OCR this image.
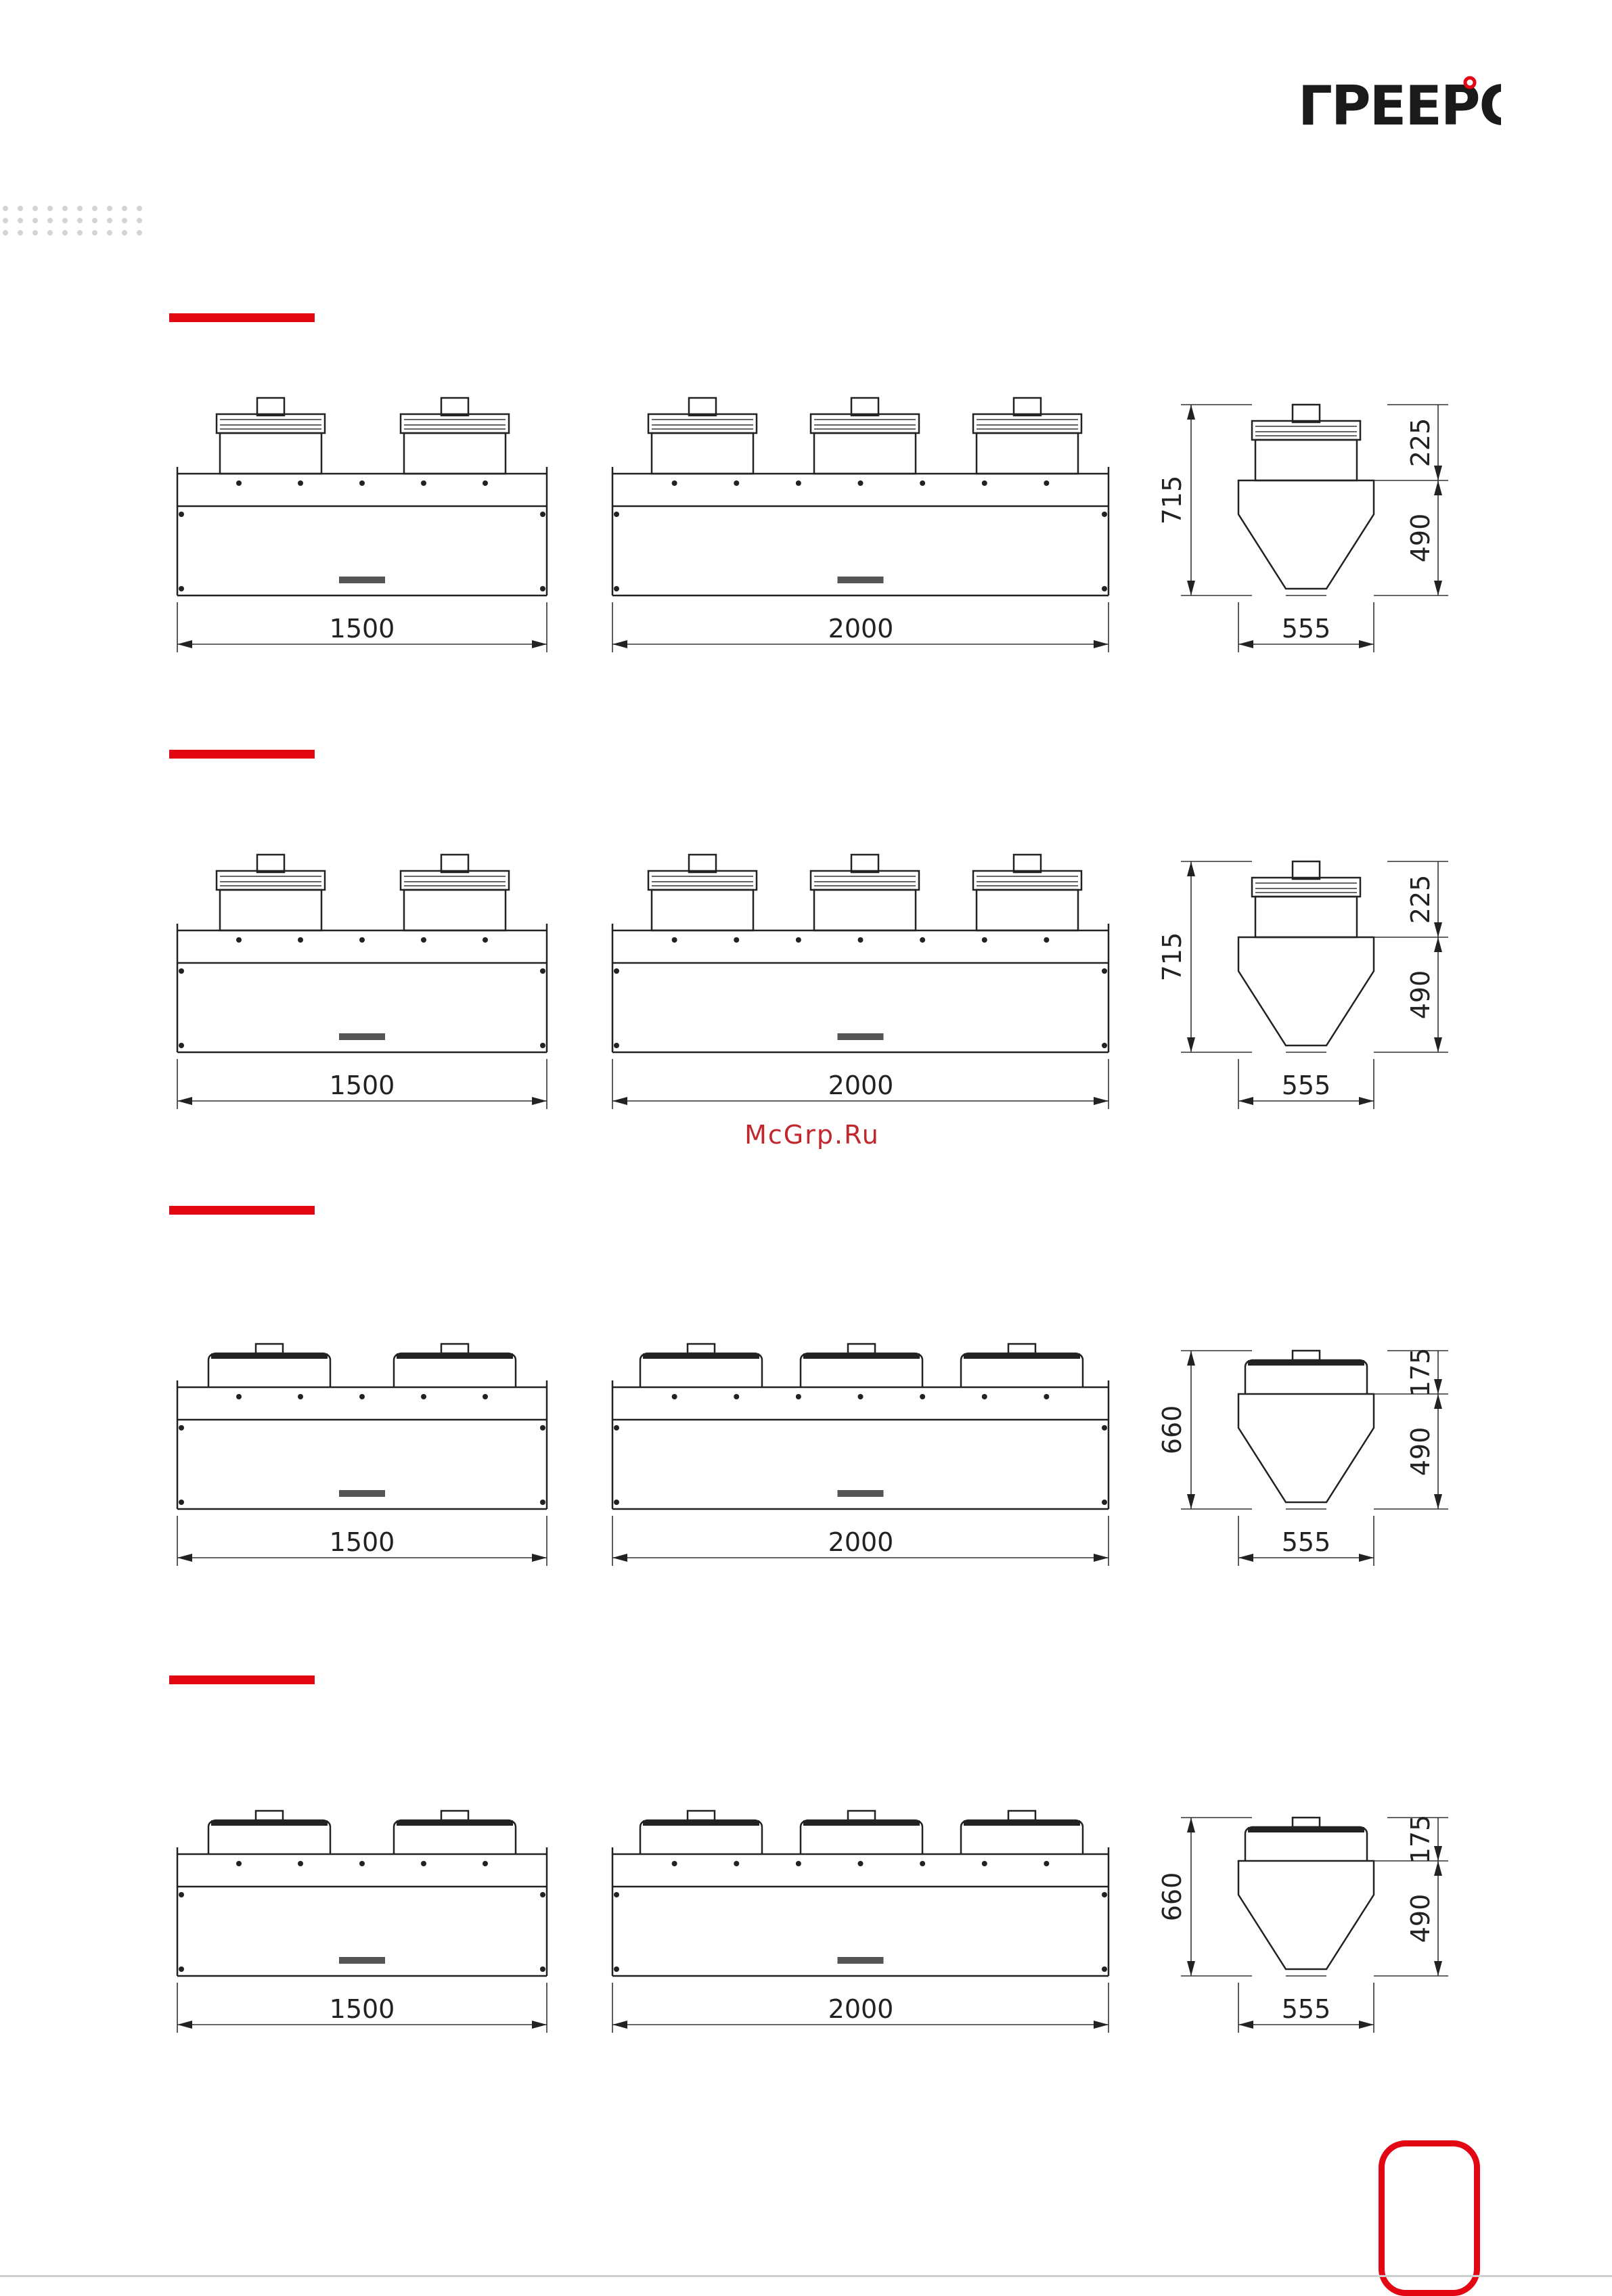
ГРЕЕРС
1500	2000	555
715
225
490
1500	2000	555
715
225
490
1500	2000	555
660
175
490
1500	2000	555
660
175
490
McGrp.Ru
